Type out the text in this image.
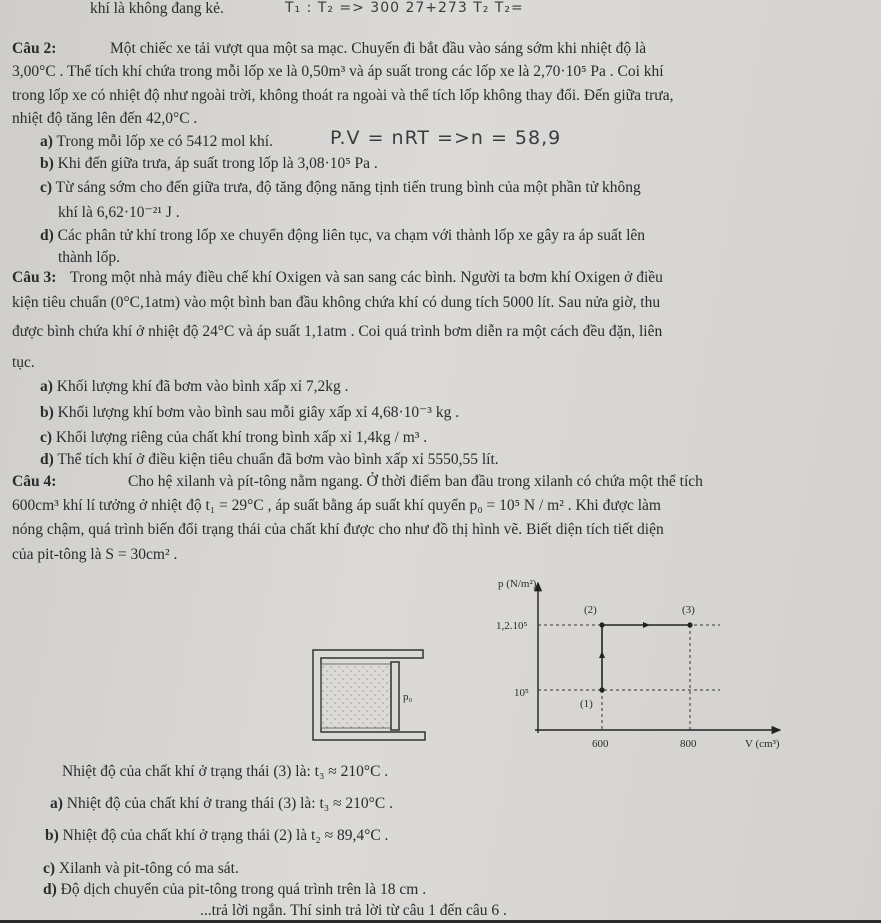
khí là không đang kẻ.	T₁ : T₂ => 300 27+273 T₂ T₂=
Câu 2:	Một chiếc xe tải vượt qua một sa mạc. Chuyến đi bắt đầu vào sáng sớm khi nhiệt độ là
3,00°C . Thể tích khí chứa trong mỗi lốp xe là 0,50m³ và áp suất trong các lốp xe là 2,70·10⁵ Pa . Coi khí
trong lốp xe có nhiệt độ như ngoài trời, không thoát ra ngoài và thể tích lốp không thay đổi. Đến giữa trưa,
nhiệt độ tăng lên đến 42,0°C .
a) Trong mỗi lốp xe có 5412 mol khí.	P.V = nRT =>n = 58,9
b) Khi đến giữa trưa, áp suất trong lốp là 3,08·10⁵ Pa .
c) Từ sáng sớm cho đến giữa trưa, độ tăng động năng tịnh tiến trung bình của một phần tử không
khí là 6,62·10⁻²¹ J .
d) Các phân tử khí trong lốp xe chuyển động liên tục, va chạm với thành lốp xe gây ra áp suất lên
thành lốp.
Câu 3: Trong một nhà máy điều chế khí Oxigen và san sang các bình. Người ta bơm khí Oxigen ở điều
kiện tiêu chuẩn (0°C,1atm) vào một bình ban đầu không chứa khí có dung tích 5000 lít. Sau nửa giờ, thu
được bình chứa khí ở nhiệt độ 24°C và áp suất 1,1atm . Coi quá trình bơm diễn ra một cách đều đặn, liên
tục.
a) Khối lượng khí đã bơm vào bình xấp xỉ 7,2kg .
b) Khối lượng khí bơm vào bình sau mỗi giây xấp xỉ 4,68·10⁻³ kg .
c) Khối lượng riêng của chất khí trong bình xấp xỉ 1,4kg / m³ .
d) Thể tích khí ở điều kiện tiêu chuẩn đã bơm vào bình xấp xỉ 5550,55 lít.
Câu 4:	Cho hệ xilanh và pít-tông nằm ngang. Ở thời điểm ban đầu trong xilanh có chứa một thể tích
600cm³ khí lí tưởng ở nhiệt độ t₁ = 29°C , áp suất bằng áp suất khí quyển p₀ = 10⁵ N / m² . Khi được làm
nóng chậm, quá trình biến đổi trạng thái của chất khí được cho như đồ thị hình vẽ. Biết diện tích tiết diện
của pit-tông là S = 30cm² .
p₀
p (N/m²)
V (cm³)
1,2.10⁵
10⁵
600	800
(1)
(2)	(3)
Nhiệt độ của chất khí ở trạng thái (3) là: t₃ ≈ 210°C .
a) Nhiệt độ của chất khí ở trang thái (3) là: t₃ ≈ 210°C .
b) Nhiệt độ của chất khí ở trạng thái (2) là t₂ ≈ 89,4°C .
c) Xilanh và pit-tông có ma sát.
d) Độ dịch chuyển của pit-tông trong quá trình trên là 18 cm .
...trả lời ngắn. Thí sinh trả lời từ câu 1 đến câu 6 .
